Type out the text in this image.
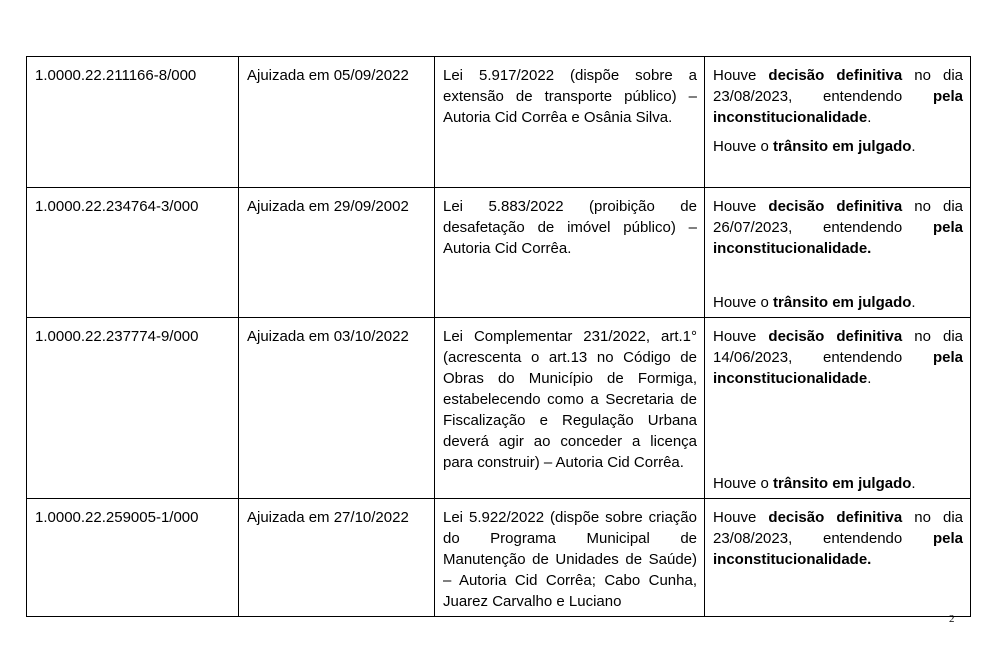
1.0000.22.211166-8/000	Ajuizada em 05/09/2022	Lei 5.917/2022 (dispõe sobre a extensão de transporte público) – Autoria Cid Corrêa e Osânia Silva.	Houve decisão definitiva no dia 23/08/2023, entendendo pela inconstitucionalidade.
Houve o trânsito em julgado.

1.0000.22.234764-3/000	Ajuizada em 29/09/2002	Lei 5.883/2022 (proibição de desafetação de imóvel público) – Autoria Cid Corrêa.	Houve decisão definitiva no dia 26/07/2023, entendendo pela inconstitucionalidade.
Houve o trânsito em julgado.

1.0000.22.237774-9/000	Ajuizada em 03/10/2022	Lei Complementar 231/2022, art.1° (acrescenta o art.13 no Código de Obras do Município de Formiga, estabelecendo como a Secretaria de Fiscalização e Regulação Urbana deverá agir ao conceder a licença para construir) – Autoria Cid Corrêa.	Houve decisão definitiva no dia 14/06/2023, entendendo pela inconstitucionalidade.
Houve o trânsito em julgado.

1.0000.22.259005-1/000	Ajuizada em 27/10/2022	Lei 5.922/2022 (dispõe sobre criação do Programa Municipal de Manutenção de Unidades de Saúde) – Autoria Cid Corrêa; Cabo Cunha, Juarez Carvalho e Luciano	Houve decisão definitiva no dia 23/08/2023, entendendo pela inconstitucionalidade.
2
